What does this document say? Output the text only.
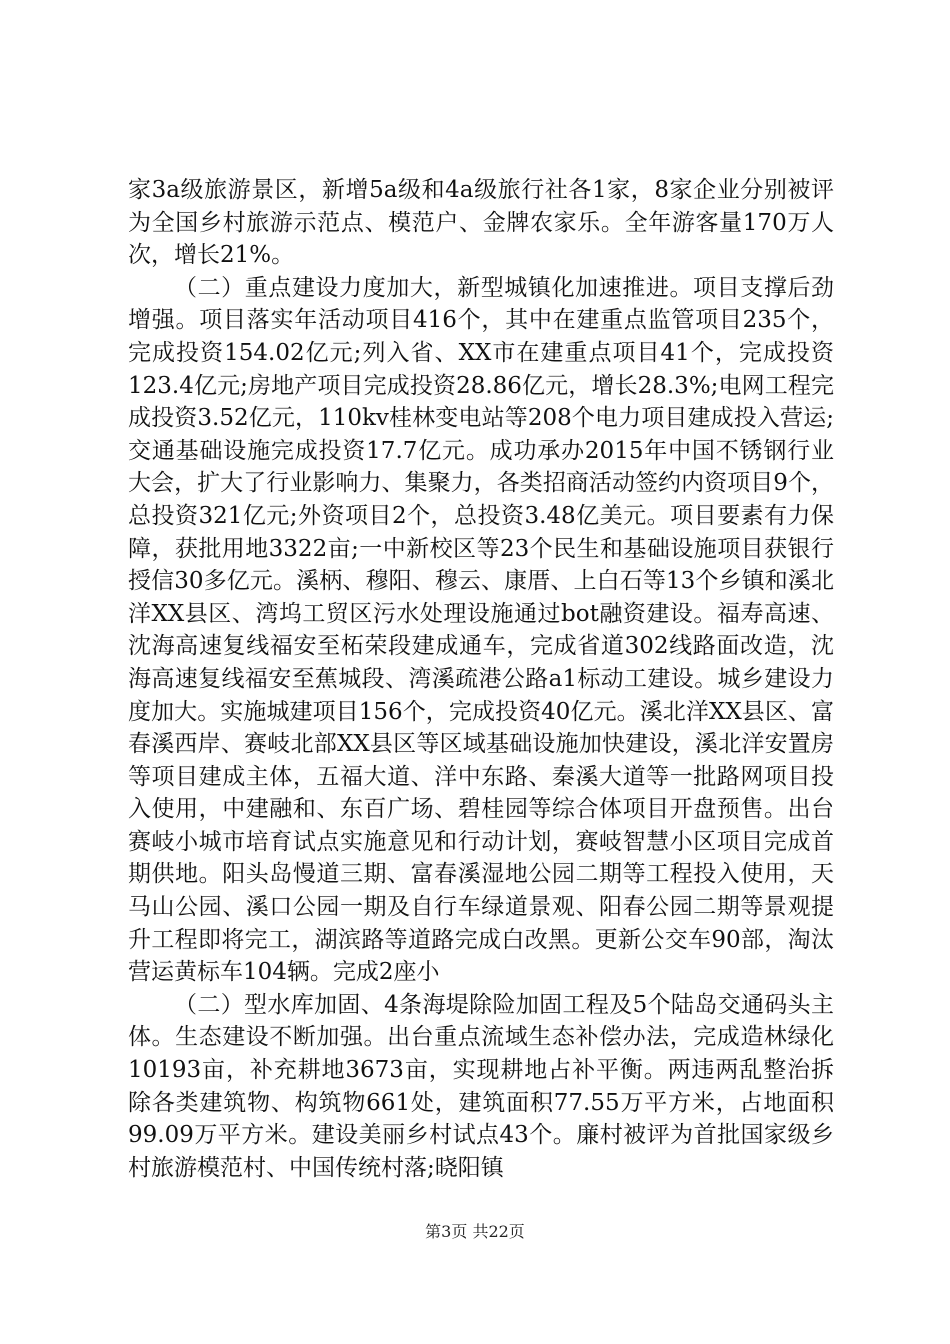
家3a级旅游景区，新增5a级和4a级旅行社各1家，8家企业分别被评为全国乡村旅游示范点、模范户、金牌农家乐。全年游客量170万人次，增长21%。

（二）重点建设力度加大，新型城镇化加速推进。项目支撑后劲增强。项目落实年活动项目416个，其中在建重点监管项目235个，完成投资154.02亿元;列入省、XX市在建重点项目41个，完成投资123.4亿元;房地产项目完成投资28.86亿元，增长28.3%;电网工程完成投资3.52亿元，110kv桂林变电站等208个电力项目建成投入营运;交通基础设施完成投资17.7亿元。成功承办2015年中国不锈钢行业大会，扩大了行业影响力、集聚力，各类招商活动签约内资项目9个，总投资321亿元;外资项目2个，总投资3.48亿美元。项目要素有力保障，获批用地3322亩;一中新校区等23个民生和基础设施项目获银行授信30多亿元。溪柄、穆阳、穆云、康厝、上白石等13个乡镇和溪北洋XX县区、湾坞工贸区污水处理设施通过bot融资建设。福寿高速、沈海高速复线福安至柘荣段建成通车，完成省道302线路面改造，沈海高速复线福安至蕉城段、湾溪疏港公路a1标动工建设。城乡建设力度加大。实施城建项目156个，完成投资40亿元。溪北洋XX县区、富春溪西岸、赛岐北部XX县区等区域基础设施加快建设，溪北洋安置房等项目建成主体，五福大道、洋中东路、秦溪大道等一批路网项目投入使用，中建融和、东百广场、碧桂园等综合体项目开盘预售。出台赛岐小城市培育试点实施意见和行动计划，赛岐智慧小区项目完成首期供地。阳头岛慢道三期、富春溪湿地公园二期等工程投入使用，天马山公园、溪口公园一期及自行车绿道景观、阳春公园二期等景观提升工程即将完工，湖滨路等道路完成白改黑。更新公交车90部，淘汰营运黄标车104辆。完成2座小

（二）型水库加固、4条海堤除险加固工程及5个陆岛交通码头主体。生态建设不断加强。出台重点流域生态补偿办法，完成造林绿化10193亩，补充耕地3673亩，实现耕地占补平衡。两违两乱整治拆除各类建筑物、构筑物661处，建筑面积77.55万平方米，占地面积99.09万平方米。建设美丽乡村试点43个。廉村被评为首批国家级乡村旅游模范村、中国传统村落;晓阳镇

第3页 共22页
